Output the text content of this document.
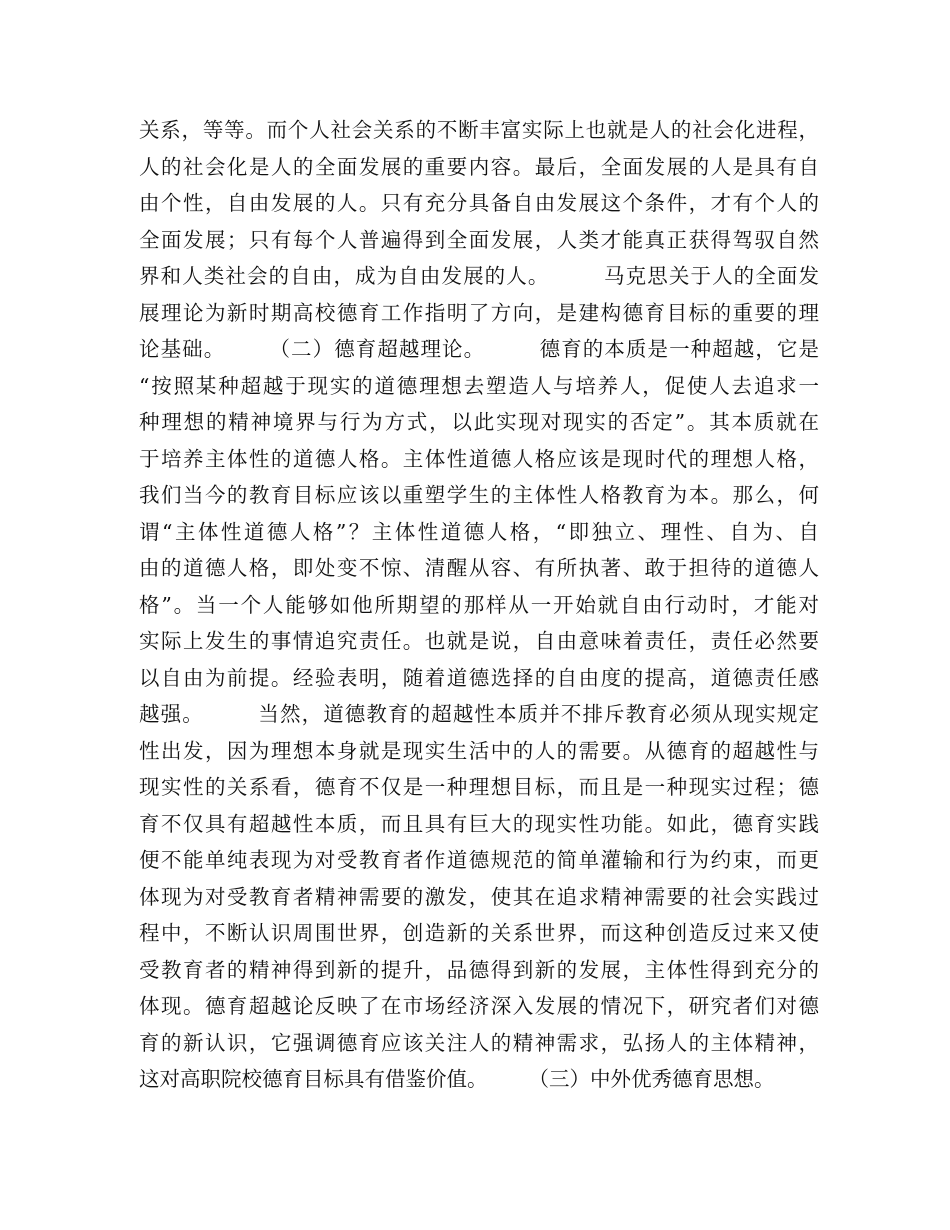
关系，等等。而个人社会关系的不断丰富实际上也就是人的社会化进程，
人的社会化是人的全面发展的重要内容。最后，全面发展的人是具有自
由个性，自由发展的人。只有充分具备自由发展这个条件，才有个人的
全面发展；只有每个人普遍得到全面发展，人类才能真正获得驾驭自然
界和人类社会的自由，成为自由发展的人。　　　马克思关于人的全面发
展理论为新时期高校德育工作指明了方向，是建构德育目标的重要的理
论基础。　　　（二）德育超越理论。　　　德育的本质是一种超越，它是
“按照某种超越于现实的道德理想去塑造人与培养人，促使人去追求一
种理想的精神境界与行为方式，以此实现对现实的否定”。其本质就在
于培养主体性的道德人格。主体性道德人格应该是现时代的理想人格，
我们当今的教育目标应该以重塑学生的主体性人格教育为本。那么，何
谓“主体性道德人格”？主体性道德人格，“即独立、理性、自为、自
由的道德人格，即处变不惊、清醒从容、有所执著、敢于担待的道德人
格”。当一个人能够如他所期望的那样从一开始就自由行动时，才能对
实际上发生的事情追究责任。也就是说，自由意味着责任，责任必然要
以自由为前提。经验表明，随着道德选择的自由度的提高，道德责任感
越强。　　　当然，道德教育的超越性本质并不排斥教育必须从现实规定
性出发，因为理想本身就是现实生活中的人的需要。从德育的超越性与
现实性的关系看，德育不仅是一种理想目标，而且是一种现实过程；德
育不仅具有超越性本质，而且具有巨大的现实性功能。如此，德育实践
便不能单纯表现为对受教育者作道德规范的简单灌输和行为约束，而更
体现为对受教育者精神需要的激发，使其在追求精神需要的社会实践过
程中，不断认识周围世界，创造新的关系世界，而这种创造反过来又使
受教育者的精神得到新的提升，品德得到新的发展，主体性得到充分的
体现。德育超越论反映了在市场经济深入发展的情况下，研究者们对德
育的新认识，它强调德育应该关注人的精神需求，弘扬人的主体精神，
这对高职院校德育目标具有借鉴价值。　　　（三）中外优秀德育思想。
